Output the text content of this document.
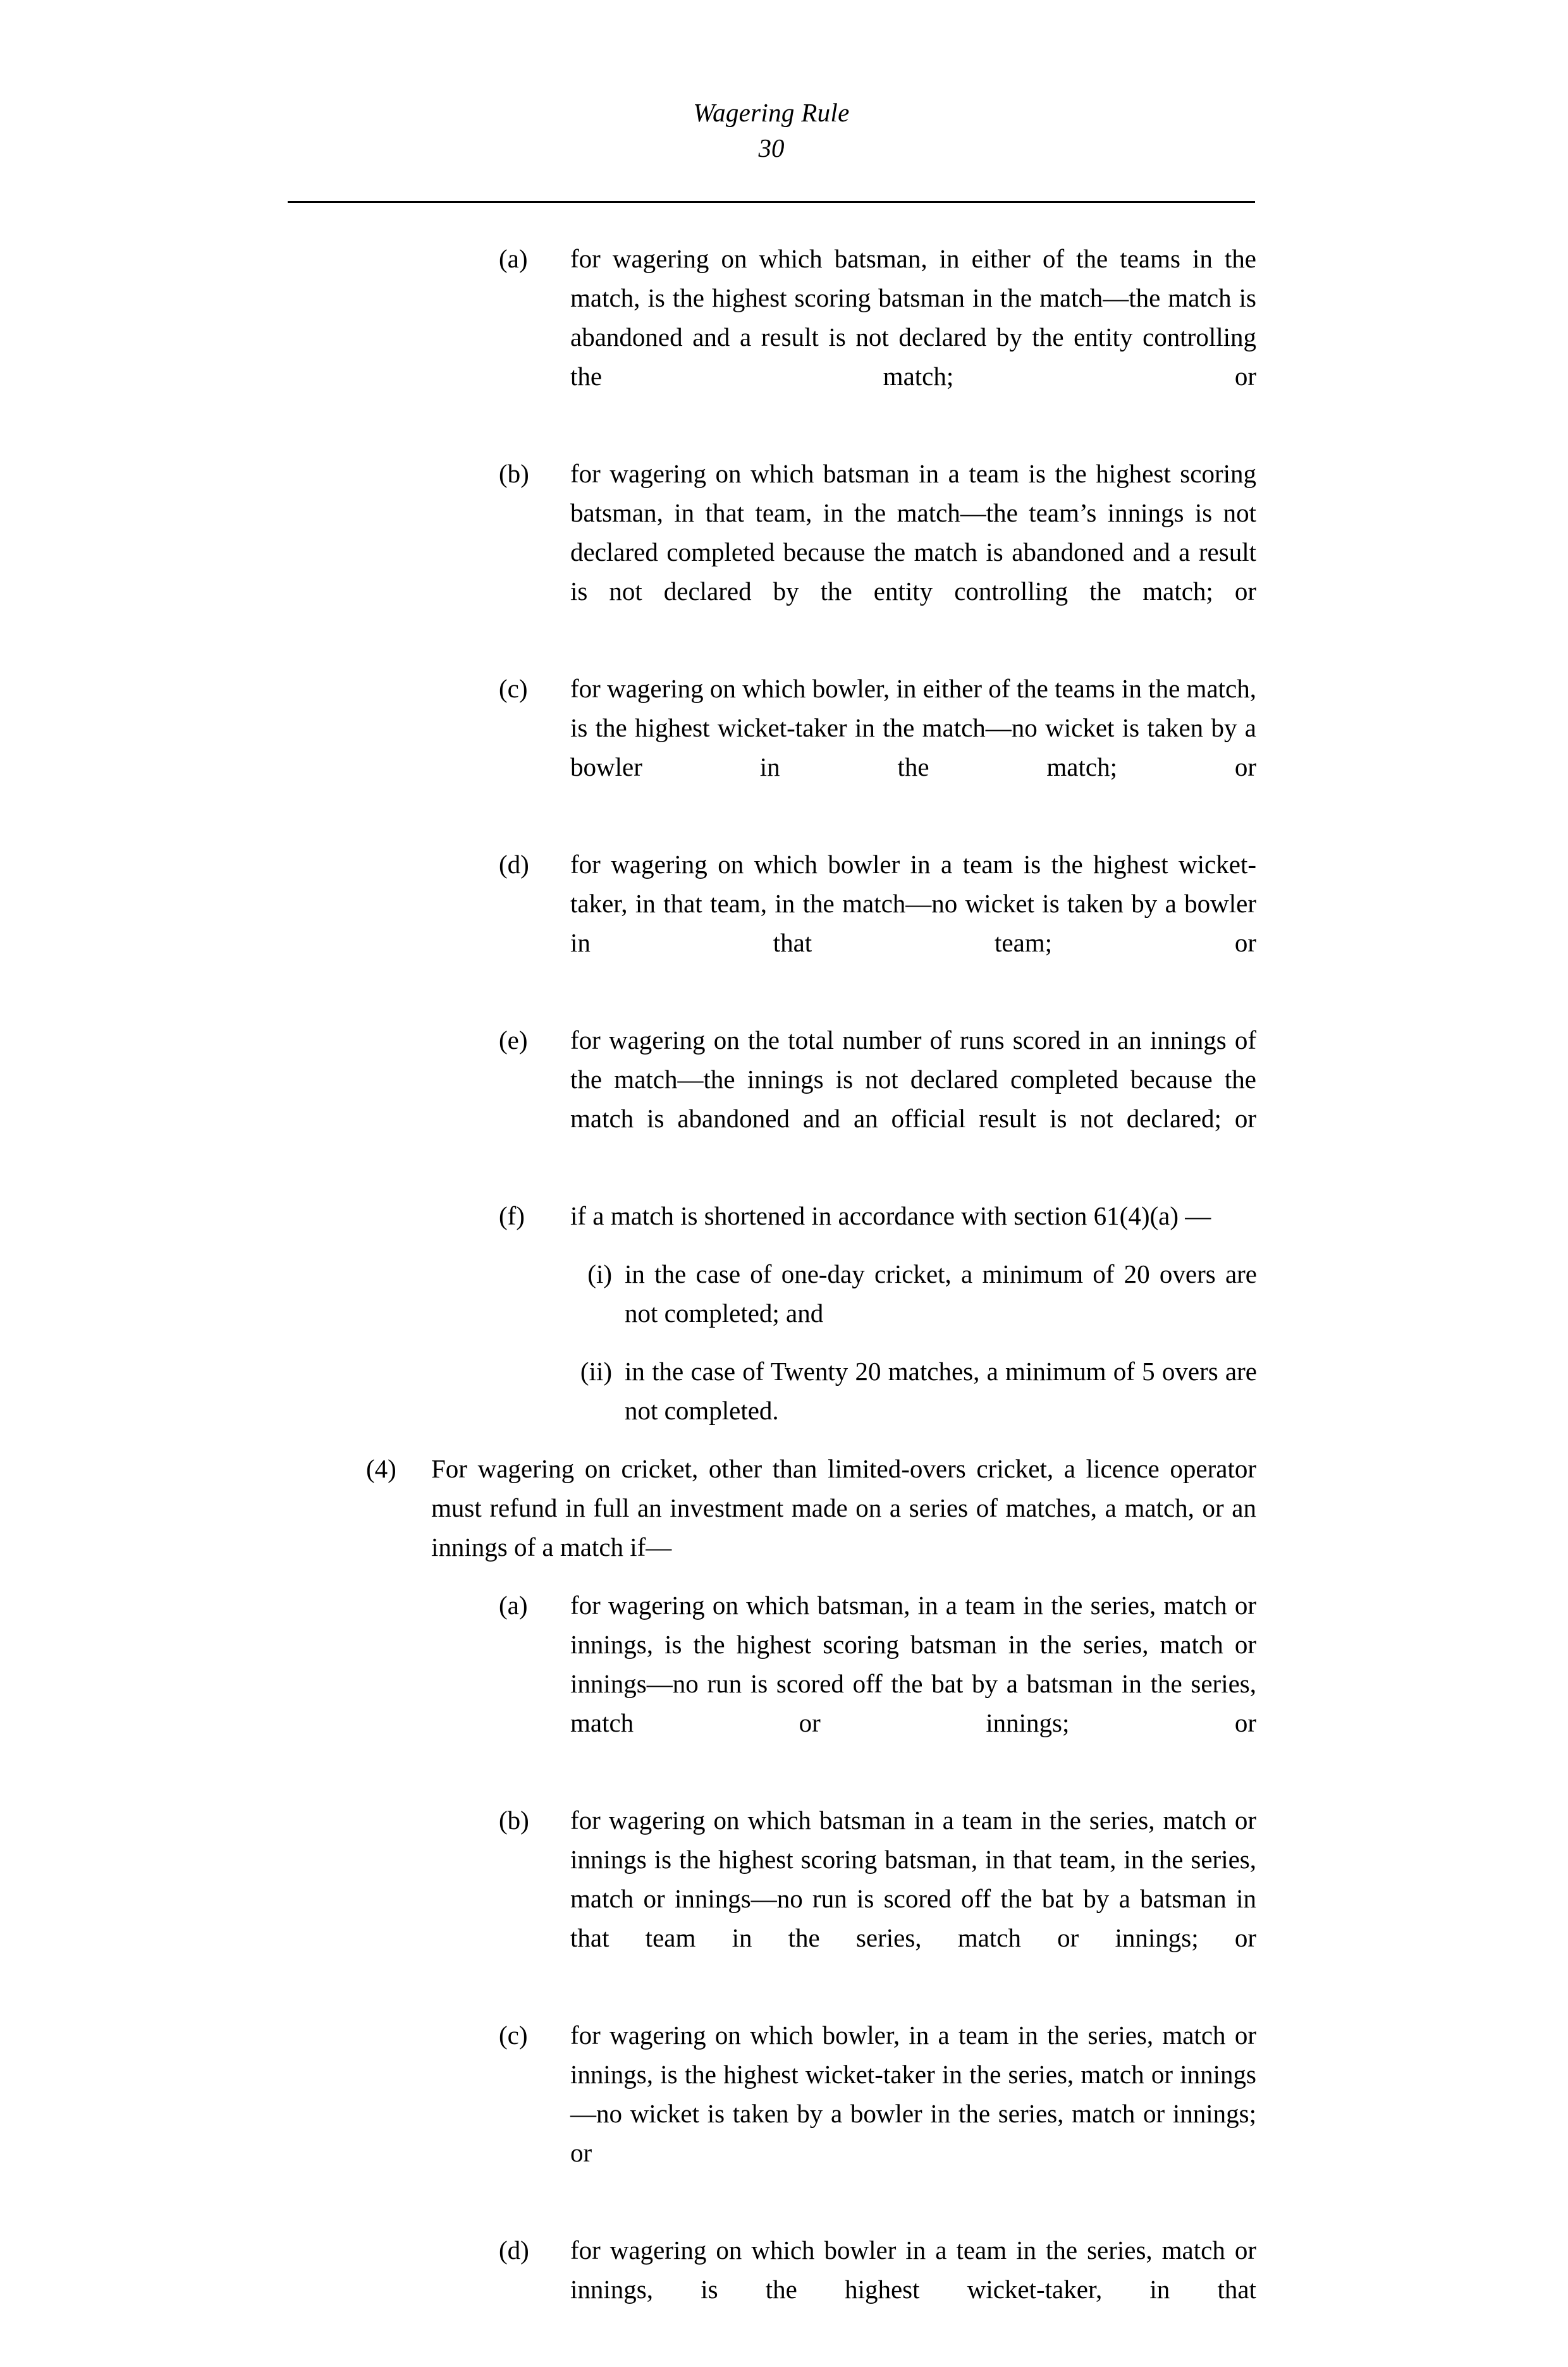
Wagering Rule
30
(a)	for wagering on which batsman, in either of the teams in the match, is the highest scoring batsman in the match—the match is abandoned and a result is not declared by the entity controlling the match; or
(b)	for wagering on which batsman in a team is the highest scoring batsman, in that team, in the match—the team’s innings is not declared completed because the match is abandoned and a result is not declared by the entity controlling the match; or
(c)	for wagering on which bowler, in either of the teams in the match, is the highest wicket-taker in the match—no wicket is taken by a bowler in the match; or
(d)	for wagering on which bowler in a team is the highest wicket-taker, in that team, in the match—no wicket is taken by a bowler in that team; or
(e)	for wagering on the total number of runs scored in an innings of the match—the innings is not declared completed because the match is abandoned and an official result is not declared; or
(f)	if a match is shortened in accordance with section 61(4)(a) —
(i) in the case of one-day cricket, a minimum of 20 overs are not completed; and
(ii) in the case of Twenty 20 matches, a minimum of 5 overs are not completed.
(4)	For wagering on cricket, other than limited-overs cricket, a licence operator must refund in full an investment made on a series of matches, a match, or an innings of a match if—
(a)	for wagering on which batsman, in a team in the series, match or innings, is the highest scoring batsman in the series, match or innings—no run is scored off the bat by a batsman in the series, match or innings; or
(b)	for wagering on which batsman in a team in the series, match or innings is the highest scoring batsman, in that team, in the series, match or innings—no run is scored off the bat by a batsman in that team in the series, match or innings; or
(c)	for wagering on which bowler, in a team in the series, match or innings, is the highest wicket-taker in the series, match or innings—no wicket is taken by a bowler in the series, match or innings; or
(d)	for wagering on which bowler in a team in the series, match or innings, is the highest wicket-taker, in that
